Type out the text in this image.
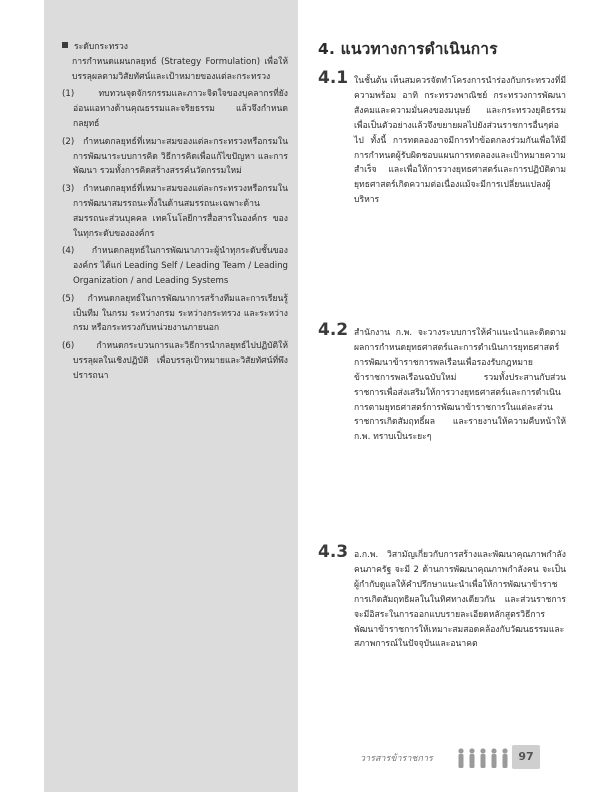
ระดับกระทรวง

การกำหนดแผนกลยุทธ์ (Strategy Formulation) เพื่อให้บรรลุผลตามวิสัยทัศน์และเป้าหมายของแต่ละกระทรวง

(1)	ทบทวนจุดจักรกรรมและภาวะจิตใจของบุคลากรที่ยังอ่อนแอทางด้านคุณธรรมและจริยธรรม แล้วจึงกำหนดกลยุทธ์

(2) กำหนดกลยุทธ์ที่เหมาะสมของแต่ละกระทรวงหรือกรมในการพัฒนาระบบการคิด วิธีการคิดเพื่อแก้ไขปัญหา และการพัฒนา รวมทั้งการคิดสร้างสรรค์นวัตกรรมใหม่

(3) กำหนดกลยุทธ์ที่เหมาะสมของแต่ละกระทรวงหรือกรมในการพัฒนาสมรรถนะทั้งในด้านสมรรถนะเฉพาะด้าน สมรรถนะส่วนบุคคล เทคโนโลยีการสื่อสารในองค์กร ของในทุกระดับขององค์กร

(4) กำหนดกลยุทธ์ในการพัฒนาภาวะผู้นำทุกระดับชั้นขององค์กร ได้แก่ Leading Self / Leading Team / Leading Organization / and Leading Systems

(5) กำหนดกลยุทธ์ในการพัฒนาการสร้างทีมและการเรียนรู้เป็นทีม ในกรม ระหว่างกรม ระหว่างกระทรวง และระหว่างกรม หรือกระทรวงกับหน่วยงานภายนอก

(6)	กำหนดกระบวนการและวิธีการนำกลยุทธ์ไปปฏิบัติให้บรรลุผลในเชิงปฏิบัติ เพื่อบรรลุเป้าหมายและวิสัยทัศน์ที่พึงปรารถนา

4. แนวทางการดำเนินการ
4.1 ในชั้นต้น เห็นสมควรจัดทำโครงการนำร่องกับกระทรวงที่มีความพร้อม อาทิ กระทรวงพาณิชย์ กระทรวงการพัฒนาสังคมและความมั่นคงของมนุษย์ และกระทรวงยุติธรรม เพื่อเป็นตัวอย่างแล้วจึงขยายผลไปยังส่วนราชการอื่นๆต่อไป ทั้งนี้ การทดลองอาจมีการทำข้อตกลงร่วมกันเพื่อให้มีการกำหนดผู้รับผิดชอบแผนการทดลองและเป้าหมายความสำเร็จ และเพื่อให้การวางยุทธศาสตร์และการปฏิบัติตามยุทธศาสตร์เกิดความต่อเนื่องแม้จะมีการเปลี่ยนแปลงผู้บริหาร

4.2 สำนักงาน ก.พ. จะวางระบบการให้คำแนะนำและติดตามผลการกำหนดยุทธศาสตร์และการดำเนินการยุทธศาสตร์การพัฒนาข้าราชการพลเรือนเพื่อรองรับกฎหมายข้าราชการพลเรือนฉบับใหม่ รวมทั้งประสานกับส่วนราชการเพื่อส่งเสริมให้การวางยุทธศาสตร์และการดำเนินการตามยุทธศาสตร์การพัฒนาข้าราชการในแต่ละส่วนราชการเกิดสัมฤทธิ์ผล และรายงานให้ความคืบหน้าให้ ก.พ. ทราบเป็นระยะๆ

4.3 อ.ก.พ. วิสามัญเกี่ยวกับการสร้างและพัฒนาคุณภาพกำลังคนภาครัฐ จะมี 2 ด้านการพัฒนาคุณภาพกำลังคน จะเป็นผู้กำกับดูแลให้คำปรึกษาแนะนำเพื่อให้การพัฒนาข้าราชการเกิดสัมฤทธิผลในในทิศทางเดียวกัน และส่วนราชการจะมีอิสระในการออกแบบรายละเอียดหลักสูตรวิธีการพัฒนาข้าราชการให้เหมาะสมสอดคล้องกับวัฒนธรรมและสภาพการณ์ในปัจจุบันและอนาคต

วารสารข้าราชการ	97
